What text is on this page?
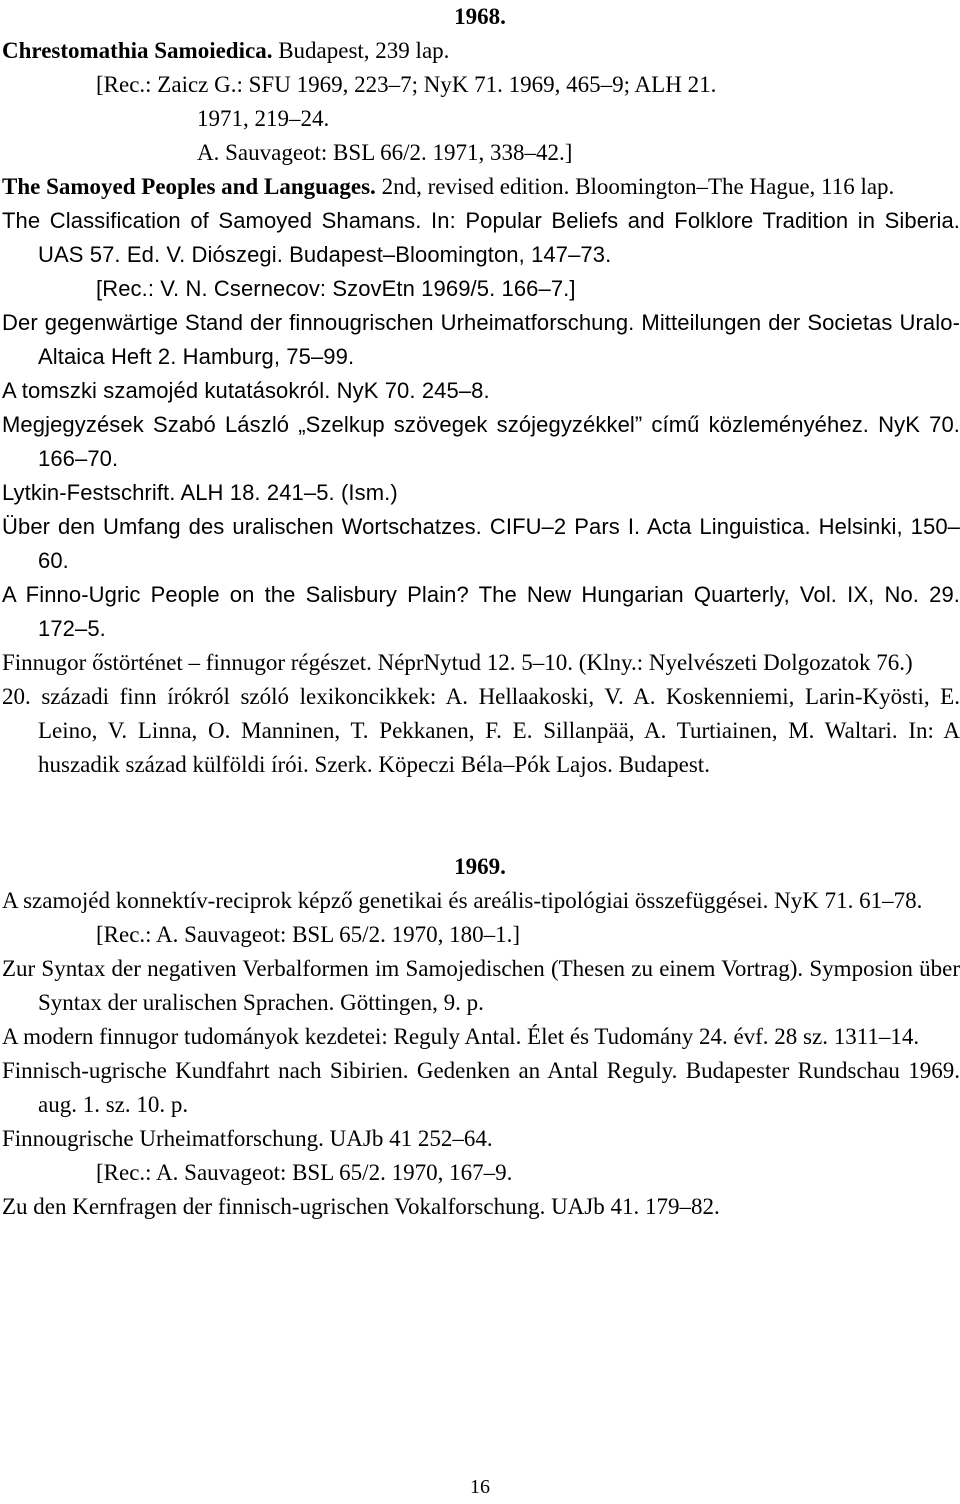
1968.

Chrestomathia Samoiedica. Budapest, 239 lap.

[Rec.: Zaicz G.: SFU 1969, 223–7; NyK 71. 1969, 465–9; ALH 21.

1971, 219–24.

A. Sauvageot: BSL 66/2. 1971, 338–42.]

The Samoyed Peoples and Languages. 2nd, revised edition. Bloomington–The Hague, 116 lap.

The Classification of Samoyed Shamans. In: Popular Beliefs and Folklore Tradition in Siberia. UAS 57. Ed. V. Diószegi. Budapest–Bloomington, 147–73.

[Rec.: V. N. Csernecov: SzovEtn 1969/5. 166–7.]

Der gegenwärtige Stand der finnougrischen Urheimatforschung. Mitteilungen der Societas Uralo-Altaica Heft 2. Hamburg, 75–99.

A tomszki szamojéd kutatásokról. NyK 70. 245–8.

Megjegyzések Szabó László „Szelkup szövegek szójegyzékkel” című közleményéhez. NyK 70. 166–70.

Lytkin-Festschrift. ALH 18. 241–5. (Ism.)

Über den Umfang des uralischen Wortschatzes. CIFU–2 Pars I. Acta Linguistica. Helsinki, 150–60.

A Finno-Ugric People on the Salisbury Plain? The New Hungarian Quarterly, Vol. IX, No. 29. 172–5.

Finnugor őstörténet – finnugor régészet. NéprNytud 12. 5–10. (Klny.: Nyelvészeti Dolgozatok 76.)

20. századi finn írókról szóló lexikoncikkek: A. Hellaakoski, V. A. Koskenniemi, Larin-Kyösti, E. Leino, V. Linna, O. Manninen, T. Pekkanen, F. E. Sillanpää, A. Turtiainen, M. Waltari. In: A huszadik század külföldi írói. Szerk. Köpeczi Béla–Pók Lajos. Budapest.

1969.

A szamojéd konnektív-reciprok képző genetikai és areális-tipológiai összefüggései. NyK 71. 61–78.

[Rec.: A. Sauvageot: BSL 65/2. 1970, 180–1.]

Zur Syntax der negativen Verbalformen im Samojedischen (Thesen zu einem Vortrag). Symposion über Syntax der uralischen Sprachen. Göttingen, 9. p.

A modern finnugor tudományok kezdetei: Reguly Antal. Élet és Tudomány 24. évf. 28 sz. 1311–14.

Finnisch-ugrische Kundfahrt nach Sibirien. Gedenken an Antal Reguly. Budapester Rundschau 1969. aug. 1. sz. 10. p.

Finnougrische Urheimatforschung. UAJb 41 252–64.

[Rec.: A. Sauvageot: BSL 65/2. 1970, 167–9.

Zu den Kernfragen der finnisch-ugrischen Vokalforschung. UAJb 41. 179–82.

16
